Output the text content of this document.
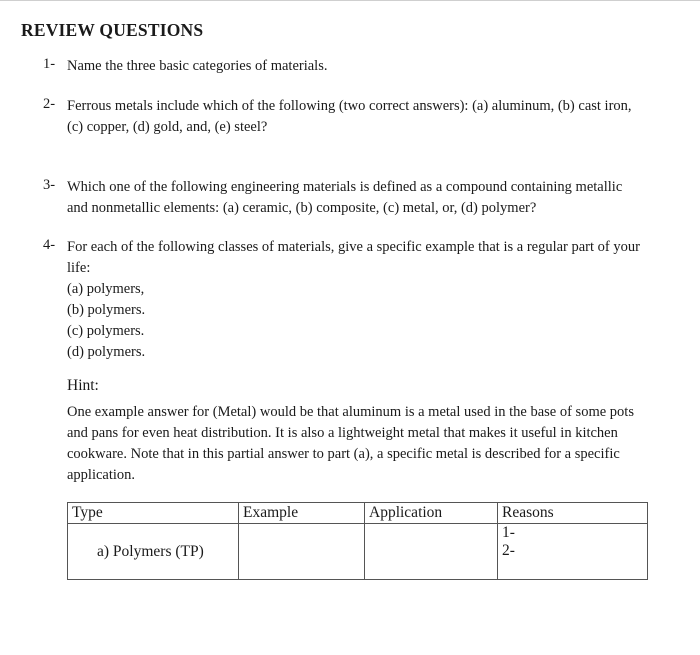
REVIEW QUESTIONS
1- Name the three basic categories of materials.
2- Ferrous metals include which of the following (two correct answers): (a) aluminum, (b) cast iron,
(c) copper, (d) gold, and, (e) steel?
3- Which one of the following engineering materials is defined as a compound containing metallic
and nonmetallic elements: (a) ceramic, (b) composite, (c) metal, or, (d) polymer?
4- For each of the following classes of materials, give a specific example that is a regular part of your
life:
(a) polymers,
(b) polymers.
(c) polymers.
(d) polymers.
Hint:
One example answer for (Metal) would be that aluminum is a metal used in the base of some pots
and pans for even heat distribution. It is also a lightweight metal that makes it useful in kitchen
cookware. Note that in this partial answer to part (a), a specific metal is described for a specific
application.
Type	Example	Application	Reasons
a) Polymers (TP)			1-
2-
